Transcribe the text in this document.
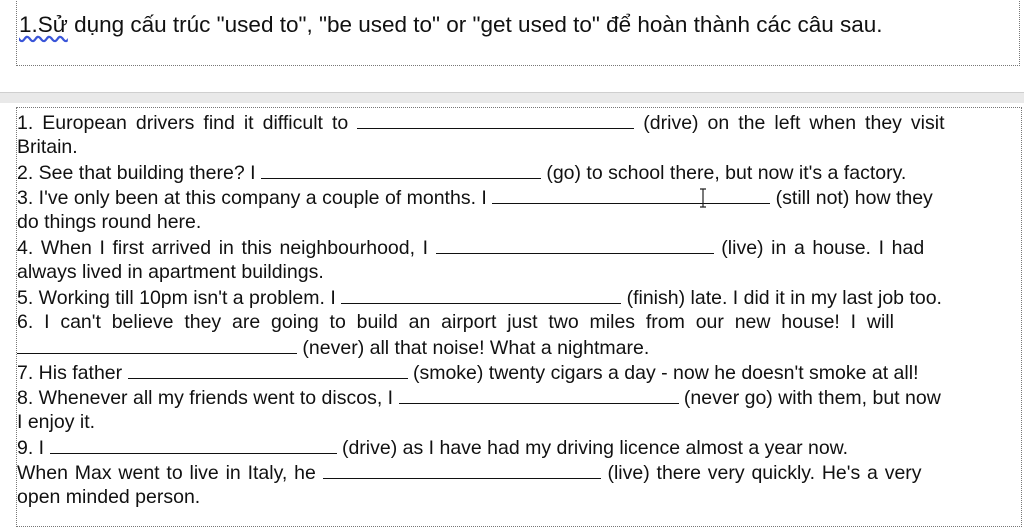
1.Sử dụng cấu trúc "used to", "be used to" or "get used to" để hoàn thành các câu sau.
1. European drivers find it difficult to	(drive) on the left when they visit
Britain.
2. See that building there? I	(go) to school there, but now it's a factory.
3. I've only been at this company a couple of months. I	(still not) how they
do things round here.
4. When I first arrived in this neighbourhood, I	(live) in a house. I had
always lived in apartment buildings.
5. Working till 10pm isn't a problem. I	(finish) late. I did it in my last job too.
6. I can't believe they are going to build an airport just two miles from our new house! I will
(never) all that noise! What a nightmare.
7. His father	(smoke) twenty cigars a day - now he doesn't smoke at all!
8. Whenever all my friends went to discos, I	(never go) with them, but now
I enjoy it.
9. I	(drive) as I have had my driving licence almost a year now.
When Max went to live in Italy, he	(live) there very quickly. He's a very
open minded person.
